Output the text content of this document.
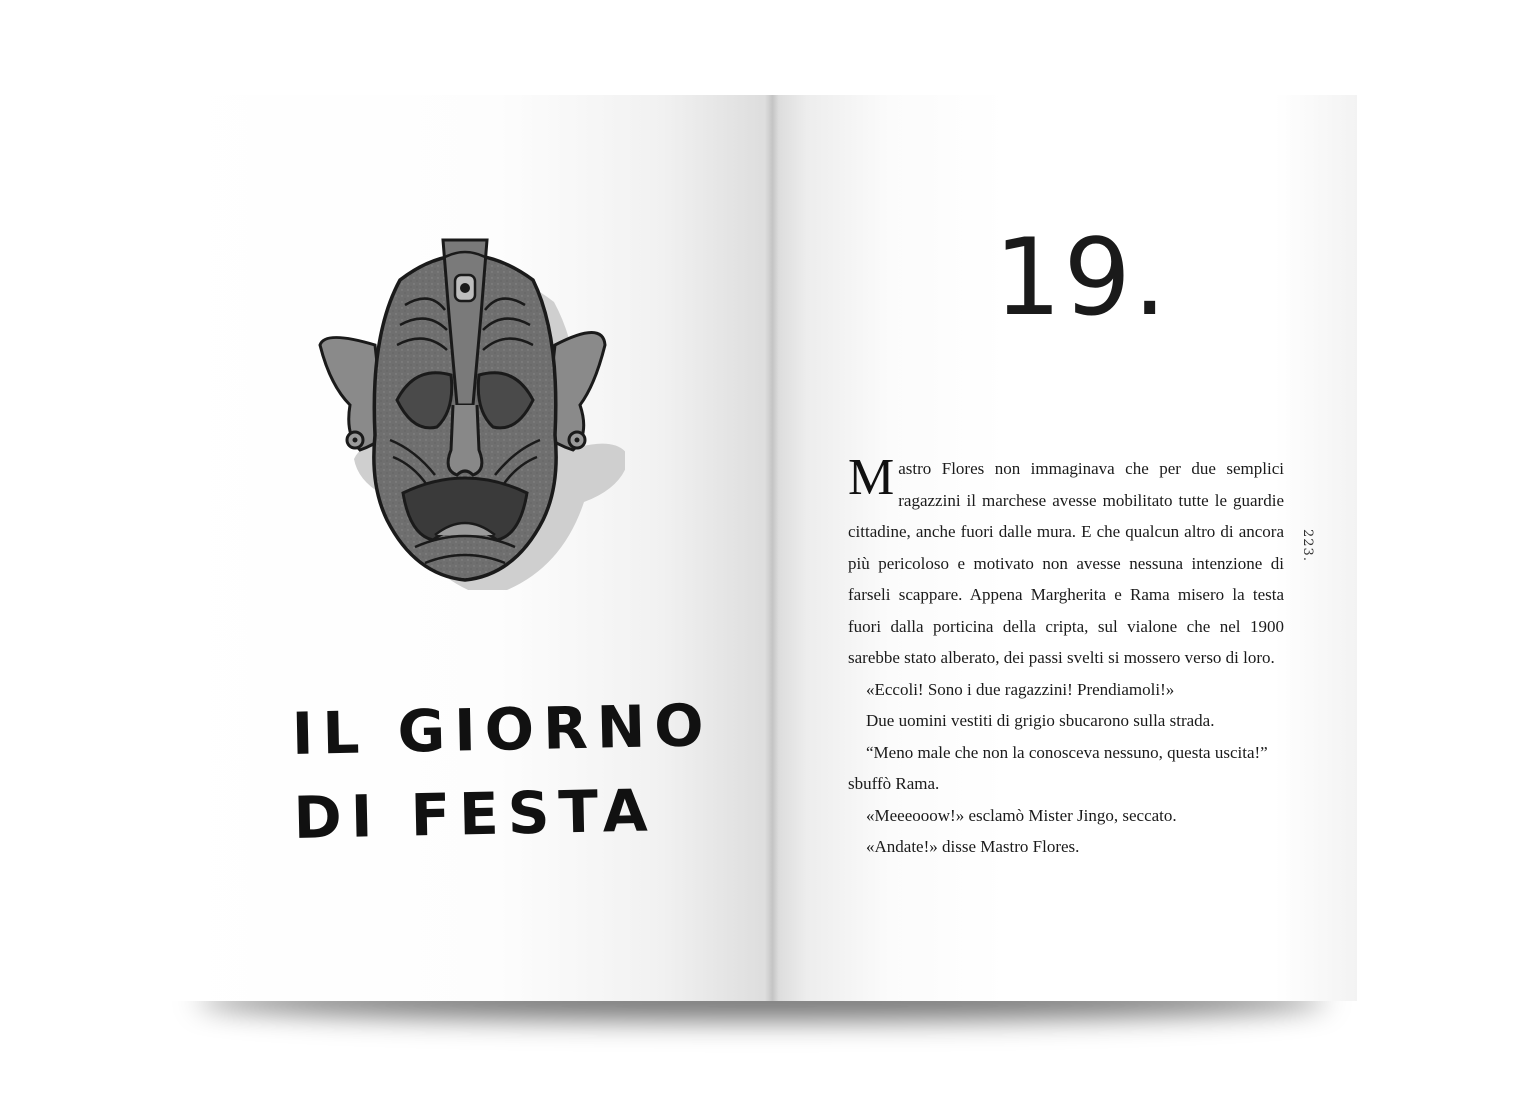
IL GIORNO
DI FESTA
19.
223.

Mastro Flores non immaginava che per due semplici ragazzini il marchese avesse mobilitato tutte le guardie cittadine, anche fuori dalle mura. E che qualcun altro di ancora più pericoloso e motivato non avesse nessuna intenzione di farseli scappare. Appena Margherita e Rama misero la testa fuori dalla porticina della cripta, sul vialone che nel 1900 sarebbe stato alberato, dei passi svelti si mossero verso di loro.

«Eccoli! Sono i due ragazzini! Prendiamoli!»

Due uomini vestiti di grigio sbucarono sulla strada.

“Meno male che non la conosceva nessuno, questa uscita!” sbuffò Rama.

«Meeeooow!» esclamò Mister Jingo, seccato.

«Andate!» disse Mastro Flores.
